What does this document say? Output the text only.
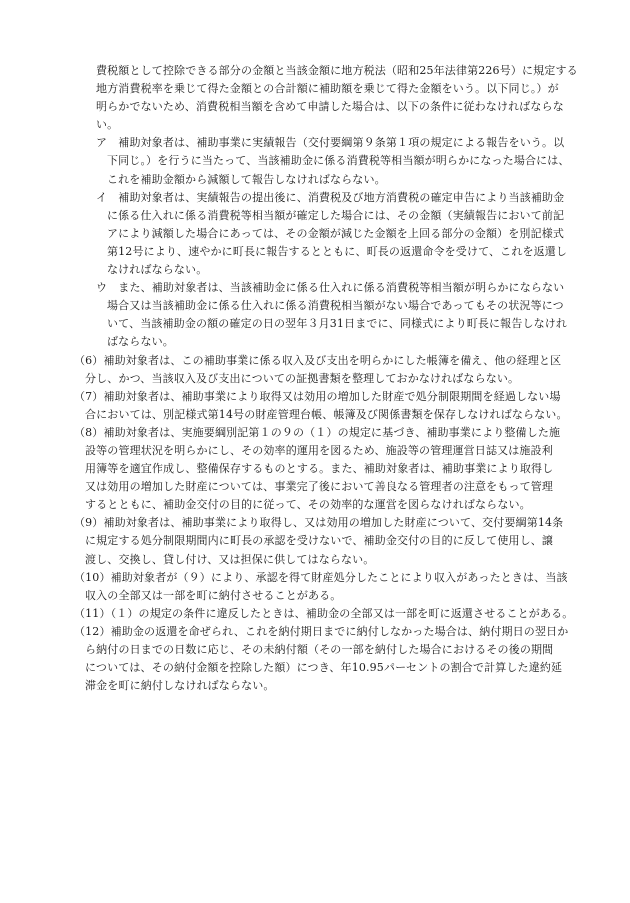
費税額として控除できる部分の金額と当該金額に地方税法（昭和25年法律第226号）に規定する
地方消費税率を乗じて得た金額との合計額に補助額を乗じて得た金額をいう。以下同じ。）が
明らかでないため、消費税相当額を含めて申請した場合は、以下の条件に従わなければならな
い。
ア　補助対象者は、補助事業に実績報告（交付要綱第９条第１項の規定による報告をいう。以
下同じ。）を行うに当たって、当該補助金に係る消費税等相当額が明らかになった場合には、
これを補助金額から減額して報告しなければならない。
イ　補助対象者は、実績報告の提出後に、消費税及び地方消費税の確定申告により当該補助金
に係る仕入れに係る消費税等相当額が確定した場合には、その金額（実績報告において前記
アにより減額した場合にあっては、その金額が減じた金額を上回る部分の金額）を別記様式
第12号により、速やかに町長に報告するとともに、町長の返還命令を受けて、これを返還し
なければならない。
ウ　また、補助対象者は、当該補助金に係る仕入れに係る消費税等相当額が明らかにならない
場合又は当該補助金に係る仕入れに係る消費税相当額がない場合であってもその状況等につ
いて、当該補助金の額の確定の日の翌年３月31日までに、同様式により町長に報告しなけれ
ばならない。
（6）補助対象者は、この補助事業に係る収入及び支出を明らかにした帳簿を備え、他の経理と区
分し、かつ、当該収入及び支出についての証拠書類を整理しておかなければならない。
（7）補助対象者は、補助事業により取得又は効用の増加した財産で処分制限期間を経過しない場
合においては、別記様式第14号の財産管理台帳、帳簿及び関係書類を保存しなければならない。
（8）補助対象者は、実施要綱別記第１の９の（１）の規定に基づき、補助事業により整備した施
設等の管理状況を明らかにし、その効率的運用を図るため、施設等の管理運営日誌又は施設利
用簿等を適宜作成し、整備保存するものとする。また、補助対象者は、補助事業により取得し
又は効用の増加した財産については、事業完了後において善良なる管理者の注意をもって管理
するとともに、補助金交付の目的に従って、その効率的な運営を図らなければならない。
（9）補助対象者は、補助事業により取得し、又は効用の増加した財産について、交付要綱第14条
に規定する処分制限期間内に町長の承認を受けないで、補助金交付の目的に反して使用し、譲
渡し、交換し、貸し付け、又は担保に供してはならない。
（10）補助対象者が（９）により、承認を得て財産処分したことにより収入があったときは、当該
収入の全部又は一部を町に納付させることがある。
（11）（１）の規定の条件に違反したときは、補助金の全部又は一部を町に返還させることがある。
（12）補助金の返還を命ぜられ、これを納付期日までに納付しなかった場合は、納付期日の翌日か
ら納付の日までの日数に応じ、その未納付額（その一部を納付した場合におけるその後の期間
については、その納付金額を控除した額）につき、年10.95パーセントの割合で計算した違約延
滞金を町に納付しなければならない。
